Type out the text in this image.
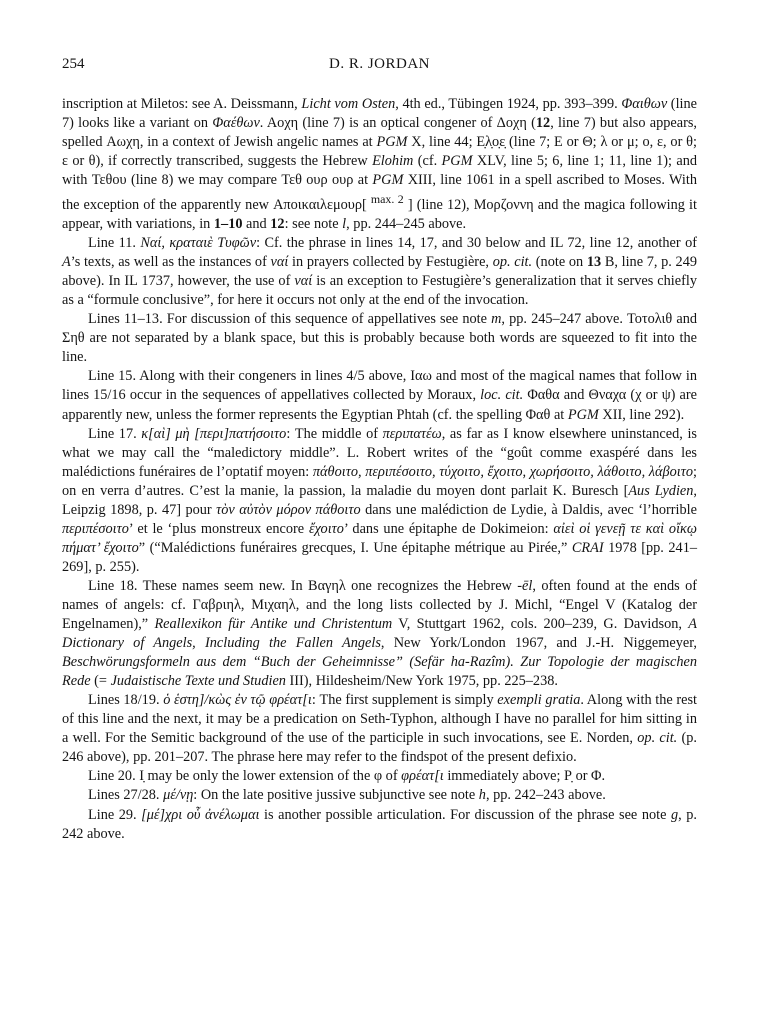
254	D. R. JORDAN

inscription at Miletos: see A. Deissmann, Licht vom Osten, 4th ed., Tübingen 1924, pp. 393–399. Φαιθων (line 7) looks like a variant on Φαέθων. Αοχη (line 7) is an optical congener of Δοχη (12, line 7) but also appears, spelled Αωχη, in a context of Jewish angelic names at PGM X, line 44; Ε̣λ̣ο̣ε̣ (line 7; Ε or Θ; λ or μ; ο, ε, or θ; ε or θ), if correctly transcribed, suggests the Hebrew Elohim (cf. PGM XLV, line 5; 6, line 1; 11, line 1); and with Τεθου (line 8) we may compare Τεθ ουρ ουρ at PGM XIII, line 1061 in a spell ascribed to Moses. With the exception of the apparently new Αποικαιλεμουρ[ $^{max. 2}$ ] (line 12), Μορζοννη and the magica following it appear, with variations, in 1–10 and 12: see note l, pp. 244–245 above.

Line 11. Ναί, κραταιὲ Τυφῶν: Cf. the phrase in lines 14, 17, and 30 below and IL 72, line 12, another of A’s texts, as well as the instances of ναί in prayers collected by Festugière, op. cit. (note on 13 B, line 7, p. 249 above). In IL 1737, however, the use of ναί is an exception to Festugière’s generalization that it serves chiefly as a “formule conclusive”, for here it occurs not only at the end of the invocation.

Lines 11–13. For discussion of this sequence of appellatives see note m, pp. 245–247 above. Τοτολιθ and Σηθ are not separated by a blank space, but this is probably because both words are squeezed to fit into the line.

Line 15. Along with their congeners in lines 4/5 above, Ιαω and most of the magical names that follow in lines 15/16 occur in the sequences of appellatives collected by Moraux, loc. cit. Φαθα and Θναχα (χ or ψ) are apparently new, unless the former represents the Egyptian Phtah (cf. the spelling Φαθ at PGM XII, line 292).

Line 17. κ[αὶ] μὴ [περι]πατήσοιτο: The middle of περιπατέω, as far as I know elsewhere uninstanced, is what we may call the “maledictory middle”. L. Robert writes of the “goût comme exaspéré dans les malédictions funéraires de l’optatif moyen: πάθοιτο, περιπέσοιτο, τύχοιτο, ἔχοιτο, χωρήσοιτο, λάθοιτο, λάβοιτο; on en verra d’autres. C’est la manie, la passion, la maladie du moyen dont parlait K. Buresch [Aus Lydien, Leipzig 1898, p. 47] pour τὸν αὐτὸν μόρον πάθοιτο dans une malédiction de Lydie, à Daldis, avec ‘l’horrible περιπέσοιτο’ et le ‘plus monstreux encore ἔχοιτο’ dans une épitaphe de Dokimeion: αἰεὶ οἱ γενεῇ τε καὶ οἴκῳ πήματ’ ἔχοιτο” (“Malédictions funéraires grecques, I. Une épitaphe métrique au Pirée,” CRAI 1978 [pp. 241–269], p. 255).

Line 18. These names seem new. In Βαγηλ one recognizes the Hebrew -ēl, often found at the ends of names of angels: cf. Γαβριηλ, Μιχαηλ, and the long lists collected by J. Michl, “Engel V (Katalog der Engelnamen),” Reallexikon für Antike und Christentum V, Stuttgart 1962, cols. 200–239, G. Davidson, A Dictionary of Angels, Including the Fallen Angels, New York/London 1967, and J.-H. Niggemeyer, Beschwörungsformeln aus dem “Buch der Geheimnisse” (Sefär ha-Razîm). Zur Topologie der magischen Rede (= Judaistische Texte und Studien III), Hildesheim/New York 1975, pp. 225–238.

Lines 18/19. ὁ ἑστη]/κὼς ἐν τῷ φρέατ[ι: The first supplement is simply exempli gratia. Along with the rest of this line and the next, it may be a predication on Seth-Typhon, although I have no parallel for him sitting in a well. For the Semitic background of the use of the participle in such invocations, see E. Norden, op. cit. (p. 246 above), pp. 201–207. The phrase here may refer to the findspot of the present defixio.

Line 20. Ι̣ may be only the lower extension of the φ of φρέατ[ι immediately above; Ρ̣ or Φ.

Lines 27/28. μέ/νῃ: On the late positive jussive subjunctive see note h, pp. 242–243 above.

Line 29. [μέ]χρι οὗ ἀνέλωμαι is another possible articulation. For discussion of the phrase see note g, p. 242 above.
